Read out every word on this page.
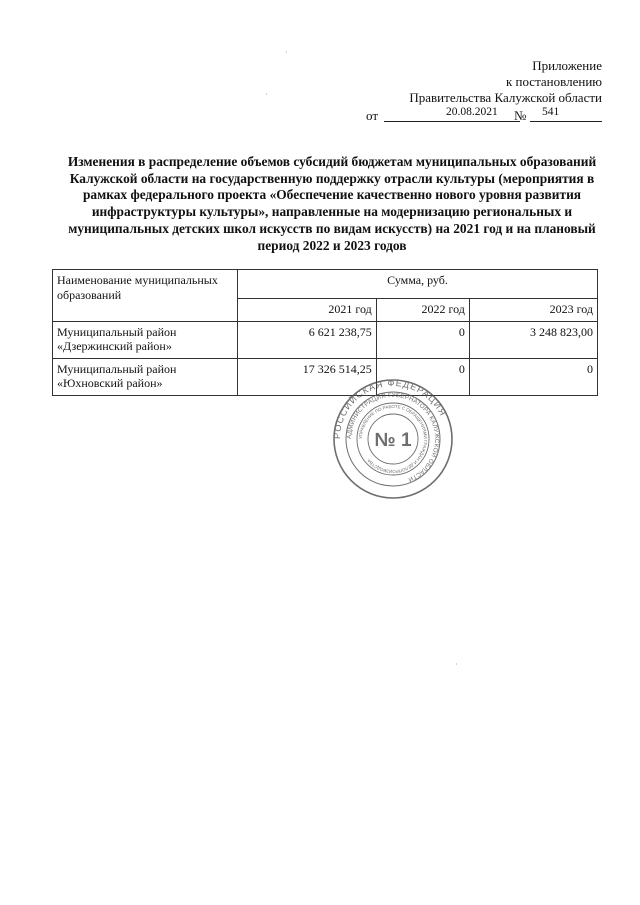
Приложение
к постановлению
Правительства Калужской области
от	20.08.2021 № 541
Изменения в распределение объемов субсидий бюджетам муниципальных образований Калужской области на государственную поддержку отрасли культуры (мероприятия в рамках федерального проекта «Обеспечение качественно нового уровня развития инфраструктуры культуры», направленные на модернизацию региональных и муниципальных детских школ искусств по видам искусств) на 2021 год и на плановый период 2022 и 2023 годов
Наименование муниципальных образований	Сумма, руб.		
	2021 год	2022 год	2023 год
Муниципальный район
«Дзержинский район»	6 621 238,75	0	3 248 823,00
Муниципальный район
«Юхновский район»	17 326 514,25	0	0
РОССИЙСКАЯ ФЕДЕРАЦИЯ
АДМИНИСТРАЦИЯ ГУБЕРНАТОРА КАЛУЖСКОЙ ОБЛАСТИ
УПРАВЛЕНИЕ ПО РАБОТЕ С ОБРАЩЕНИЯМИ ГРАЖДАН И ДЕЛОПРОИЗВОДСТВА
№ 1
·
·
·
